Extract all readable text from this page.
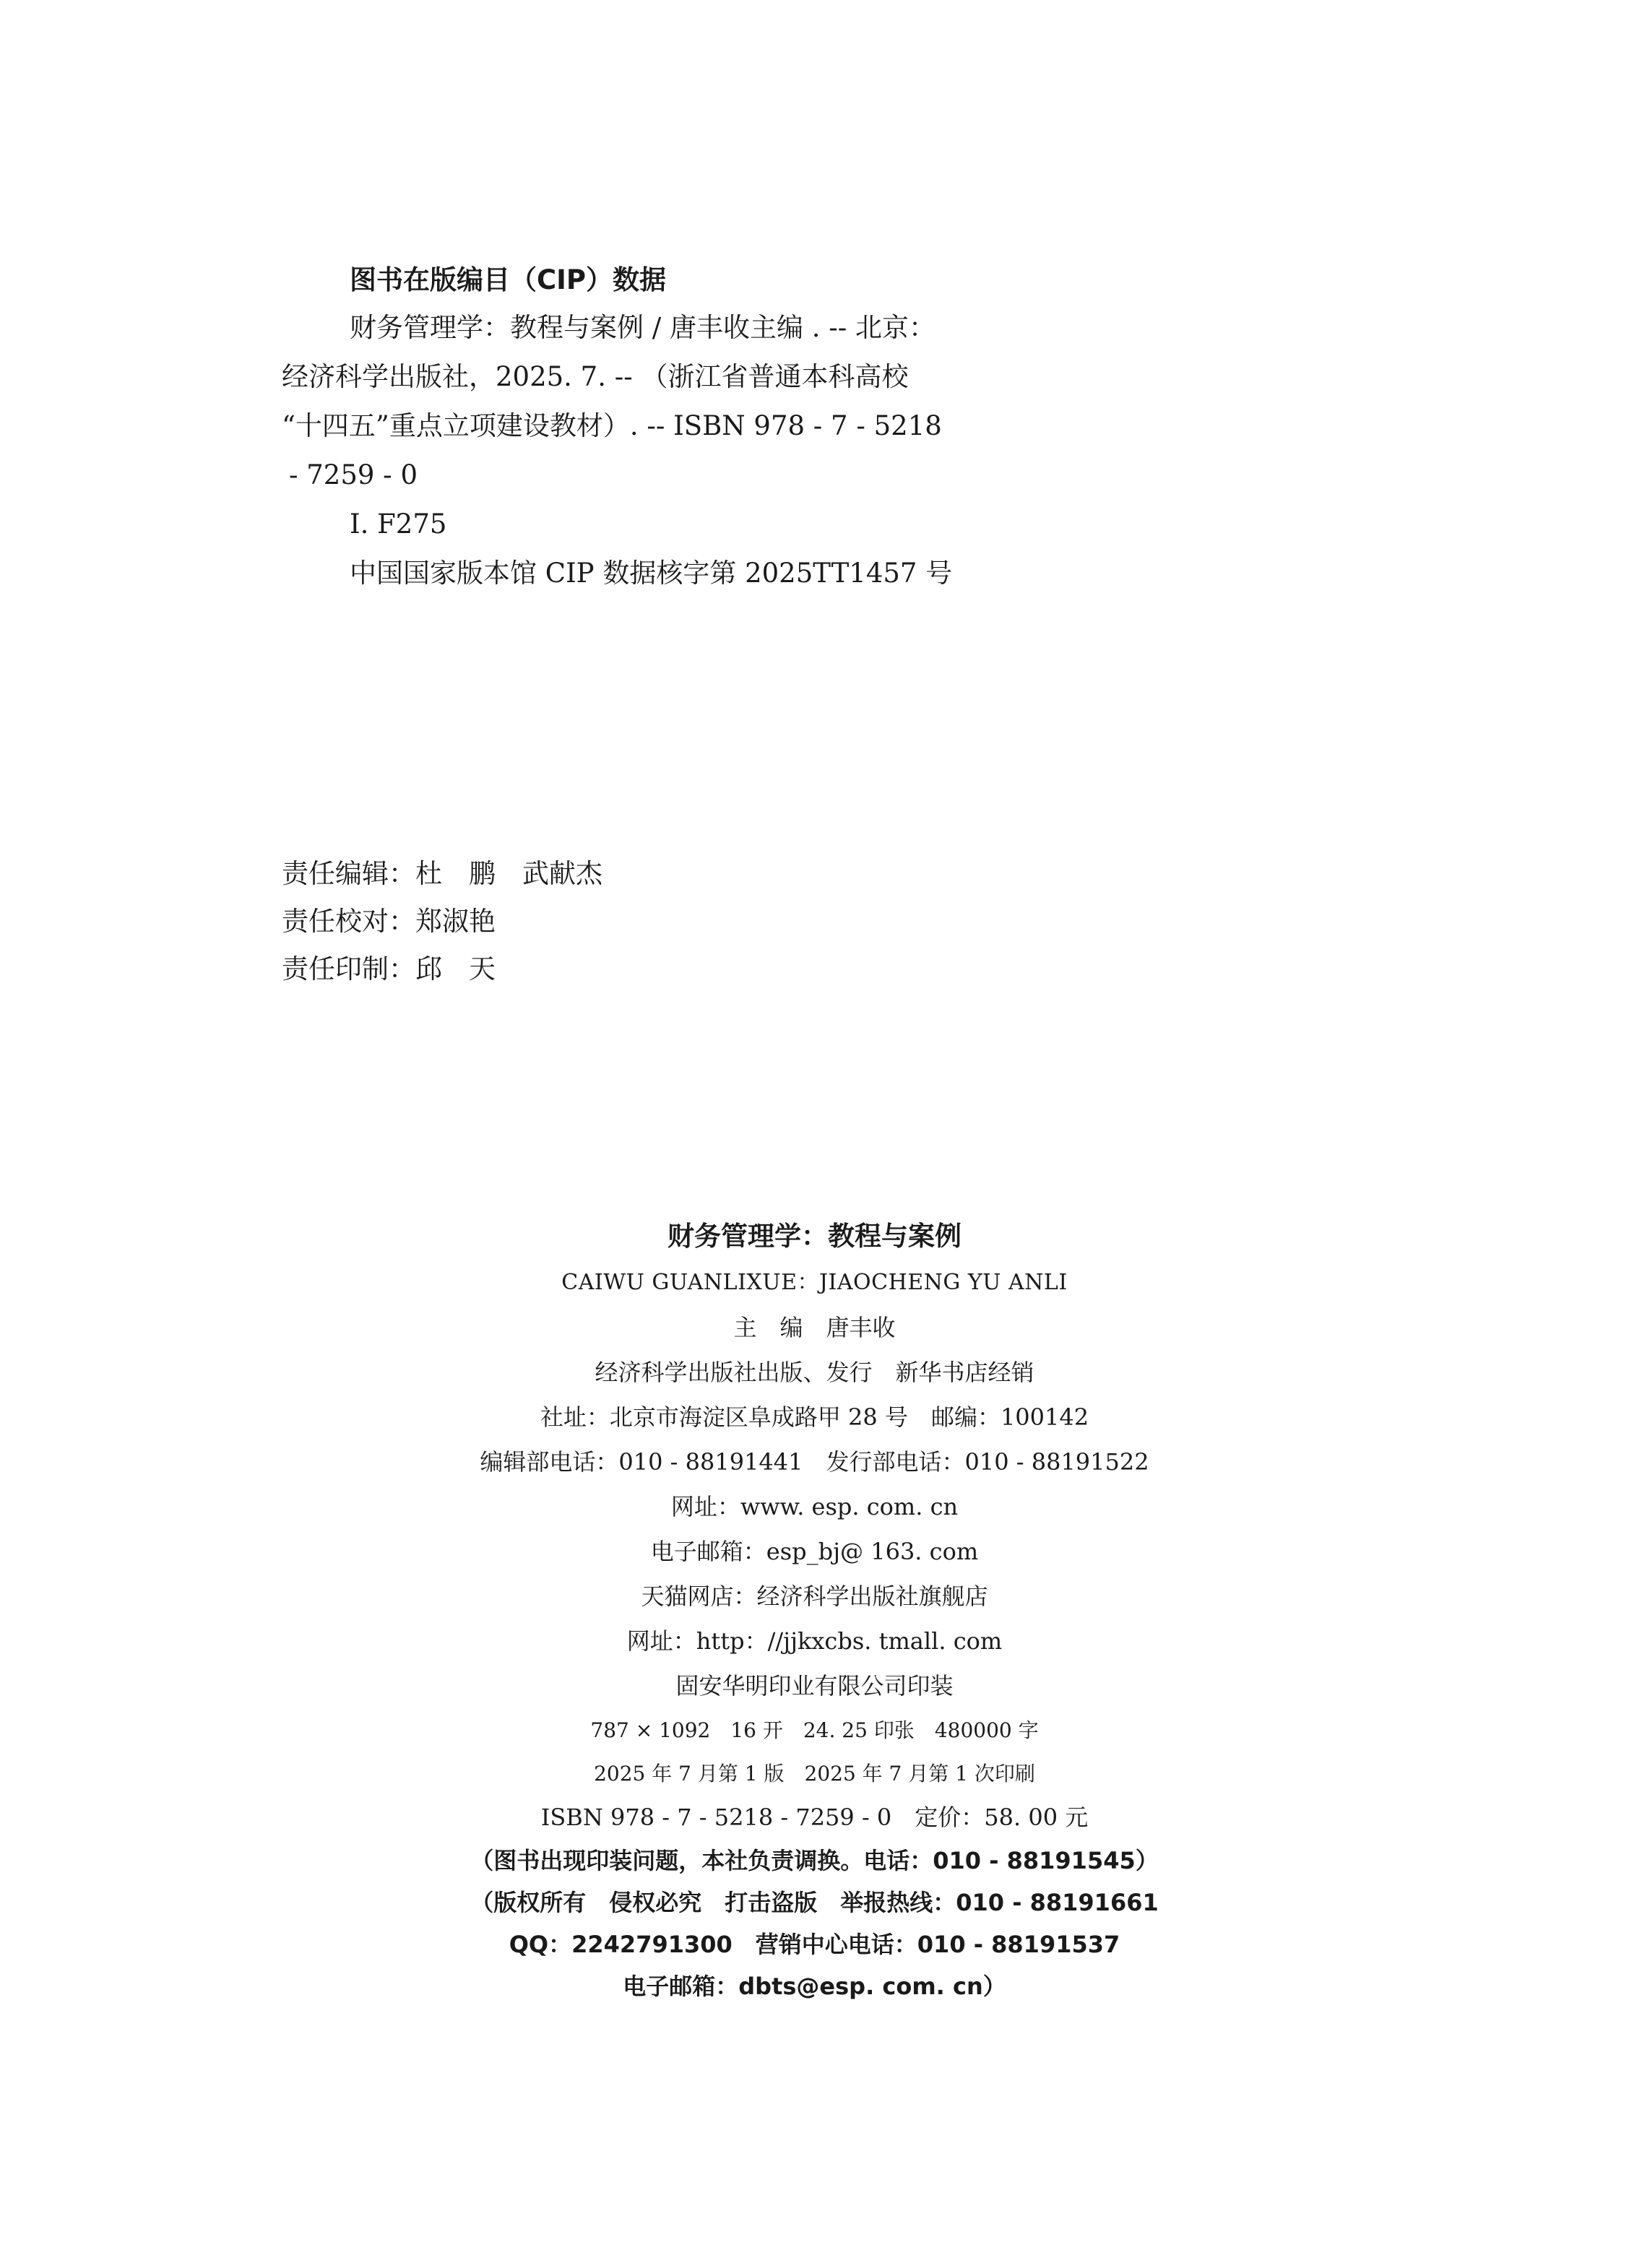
图书在版编目（CIP）数据
财务管理学：教程与案例 / 唐丰收主编 . -- 北京：
经济科学出版社，2025. 7. -- （浙江省普通本科高校
“十四五”重点立项建设教材）. -- ISBN 978 - 7 - 5218
- 7259 - 0
Ⅰ. F275
中国国家版本馆 CIP 数据核字第 2025TT1457 号
责任编辑：杜　鹏　武献杰
责任校对：郑淑艳
责任印制：邱　天
财务管理学：教程与案例
CAIWU GUANLIXUE：JIAOCHENG YU ANLI
主　编　唐丰收
经济科学出版社出版、发行　新华书店经销
社址：北京市海淀区阜成路甲 28 号　邮编：100142
编辑部电话：010 - 88191441　发行部电话：010 - 88191522
网址：www. esp. com. cn
电子邮箱：esp_bj@ 163. com
天猫网店：经济科学出版社旗舰店
网址：http：//jjkxcbs. tmall. com
固安华明印业有限公司印装
787 × 1092　16 开　24. 25 印张　480000 字
2025 年 7 月第 1 版　2025 年 7 月第 1 次印刷
ISBN 978 - 7 - 5218 - 7259 - 0　定价：58. 00 元
（图书出现印装问题，本社负责调换。电话：010 - 88191545）
（版权所有　侵权必究　打击盗版　举报热线：010 - 88191661
QQ：2242791300　营销中心电话：010 - 88191537
电子邮箱：dbts@esp. com. cn）
